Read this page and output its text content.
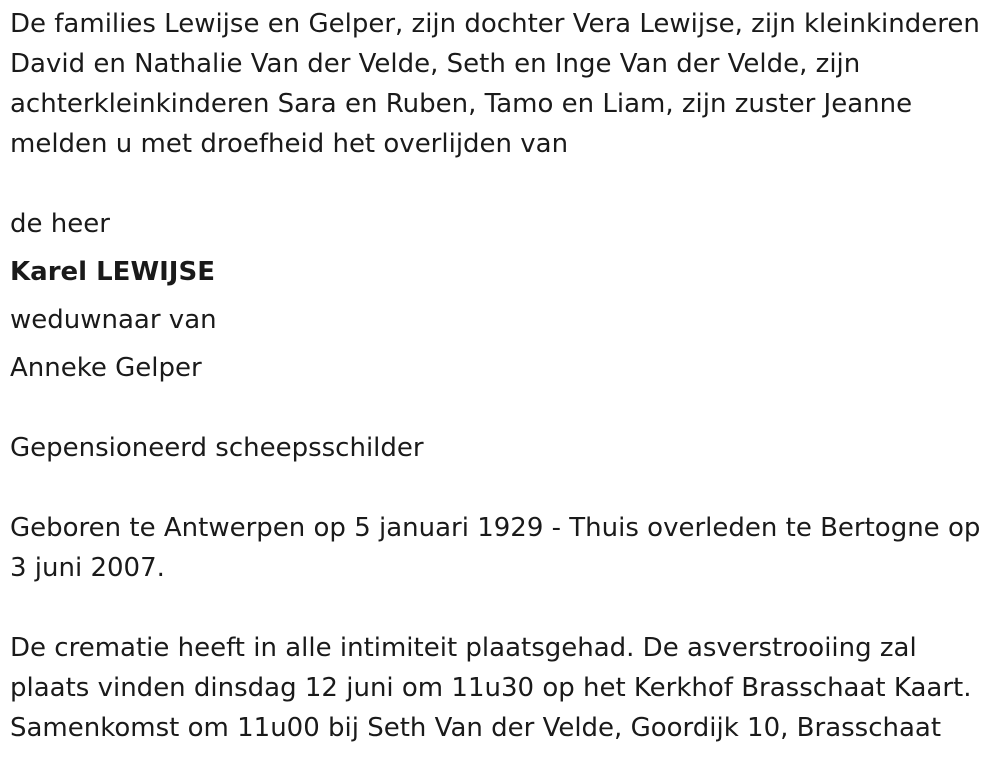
De families Lewijse en Gelper, zijn dochter Vera Lewijse, zijn kleinkinderen David en Nathalie Van der Velde, Seth en Inge Van der Velde, zijn achterkleinkinderen Sara en Ruben, Tamo en Liam, zijn zuster Jeanne melden u met droefheid het overlijden van

de heer

Karel LEWIJSE

weduwnaar van

Anneke Gelper

Gepensioneerd scheepsschilder

Geboren te Antwerpen op 5 januari 1929 - Thuis overleden te Bertogne op 3 juni 2007.

De crematie heeft in alle intimiteit plaatsgehad. De asverstrooiing zal plaats vinden dinsdag 12 juni om 11u30 op het Kerkhof Brasschaat Kaart. Samenkomst om 11u00 bij Seth Van der Velde, Goordijk 10, Brasschaat
